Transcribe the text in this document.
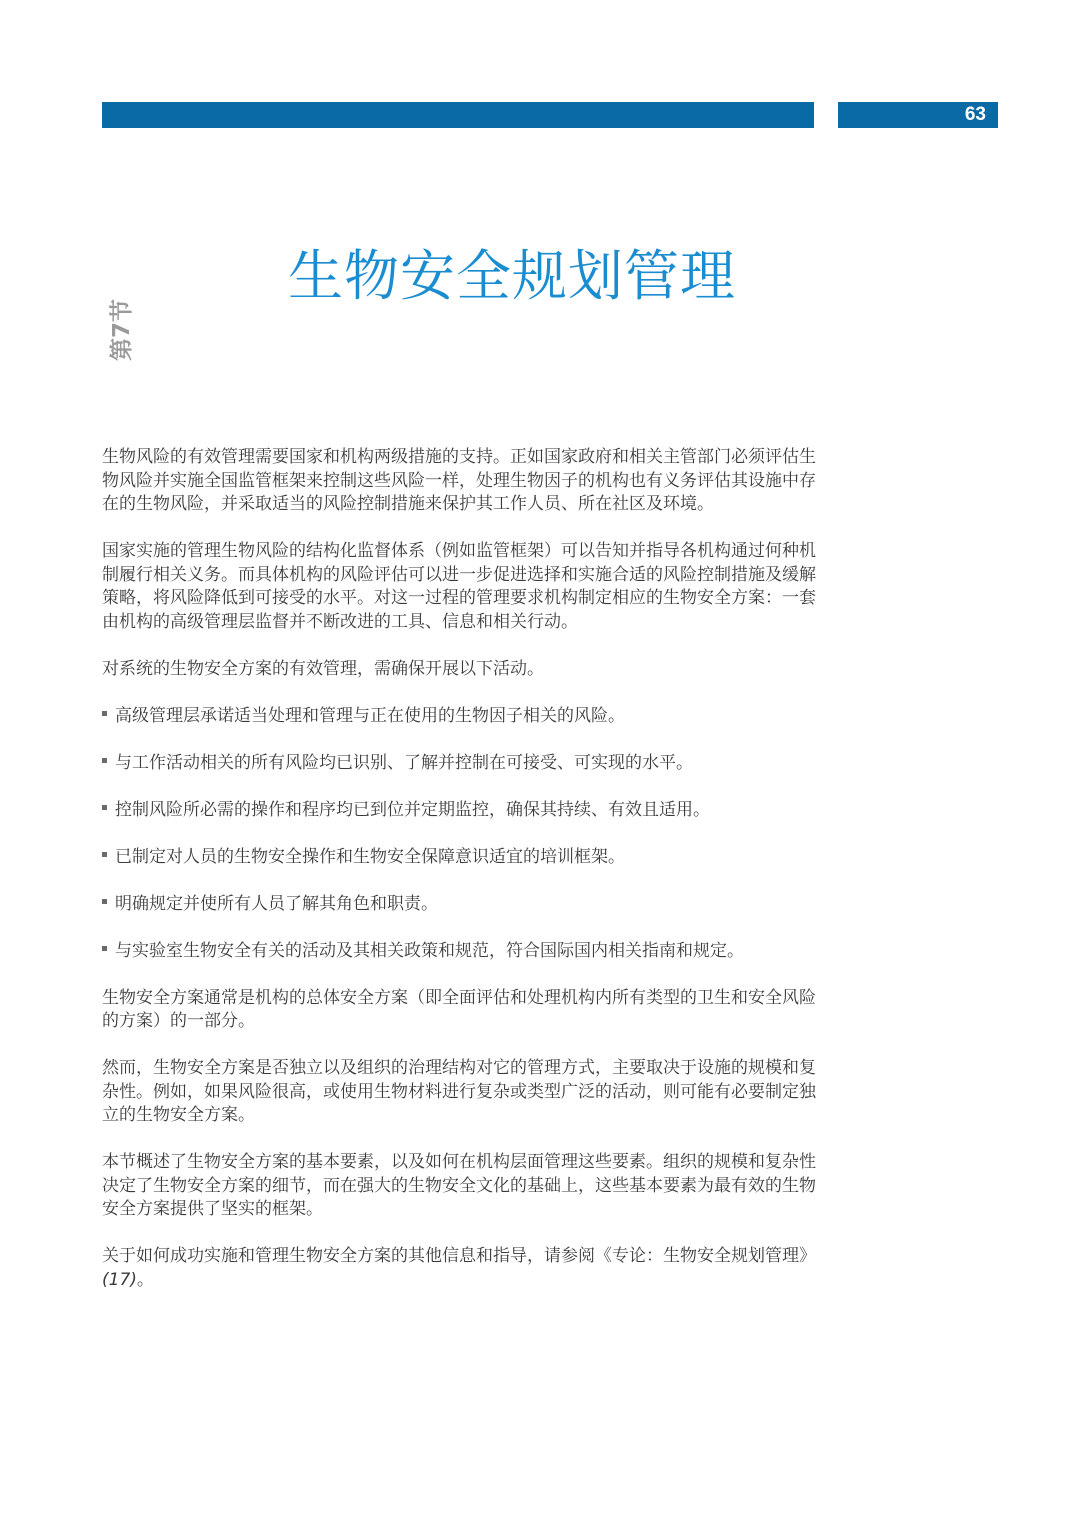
63
第7节
生物安全规划管理

生物风险的有效管理需要国家和机构两级措施的支持。正如国家政府和相关主管部门必须评估生物风险并实施全国监管框架来控制这些风险一样，处理生物因子的机构也有义务评估其设施中存在的生物风险，并采取适当的风险控制措施来保护其工作人员、所在社区及环境。

国家实施的管理生物风险的结构化监督体系（例如监管框架）可以告知并指导各机构通过何种机制履行相关义务。而具体机构的风险评估可以进一步促进选择和实施合适的风险控制措施及缓解策略，将风险降低到可接受的水平。对这一过程的管理要求机构制定相应的生物安全方案：一套由机构的高级管理层监督并不断改进的工具、信息和相关行动。

对系统的生物安全方案的有效管理，需确保开展以下活动。

高级管理层承诺适当处理和管理与正在使用的生物因子相关的风险。
与工作活动相关的所有风险均已识别、了解并控制在可接受、可实现的水平。
控制风险所必需的操作和程序均已到位并定期监控，确保其持续、有效且适用。
已制定对人员的生物安全操作和生物安全保障意识适宜的培训框架。
明确规定并使所有人员了解其角色和职责。
与实验室生物安全有关的活动及其相关政策和规范，符合国际国内相关指南和规定。

生物安全方案通常是机构的总体安全方案（即全面评估和处理机构内所有类型的卫生和安全风险的方案）的一部分。

然而，生物安全方案是否独立以及组织的治理结构对它的管理方式，主要取决于设施的规模和复杂性。例如，如果风险很高，或使用生物材料进行复杂或类型广泛的活动，则可能有必要制定独立的生物安全方案。

本节概述了生物安全方案的基本要素，以及如何在机构层面管理这些要素。组织的规模和复杂性决定了生物安全方案的细节，而在强大的生物安全文化的基础上，这些基本要素为最有效的生物安全方案提供了坚实的框架。

关于如何成功实施和管理生物安全方案的其他信息和指导，请参阅《专论：生物安全规划管理》(17)。
